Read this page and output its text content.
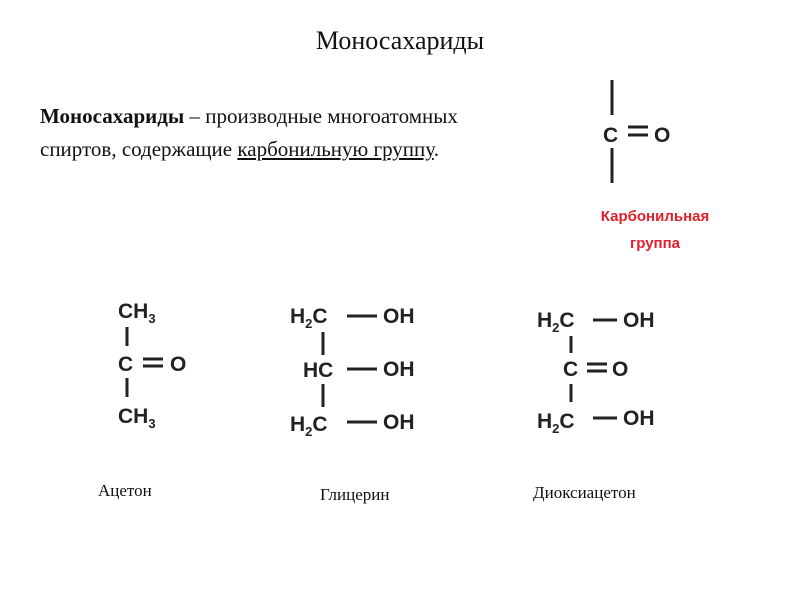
Моносахариды
Моносахариды – производные многоатомных спиртов, содержащие карбонильную группу.
C O
$CH_3$
C O
$CH_3$
$H_2C$	OH
HC OH
$H_2C$	OH
$H_2C$ OH
C O
$H_2C$ OH
Карбонильная
группа
Ацетон	Глицерин	Диоксиацетон
